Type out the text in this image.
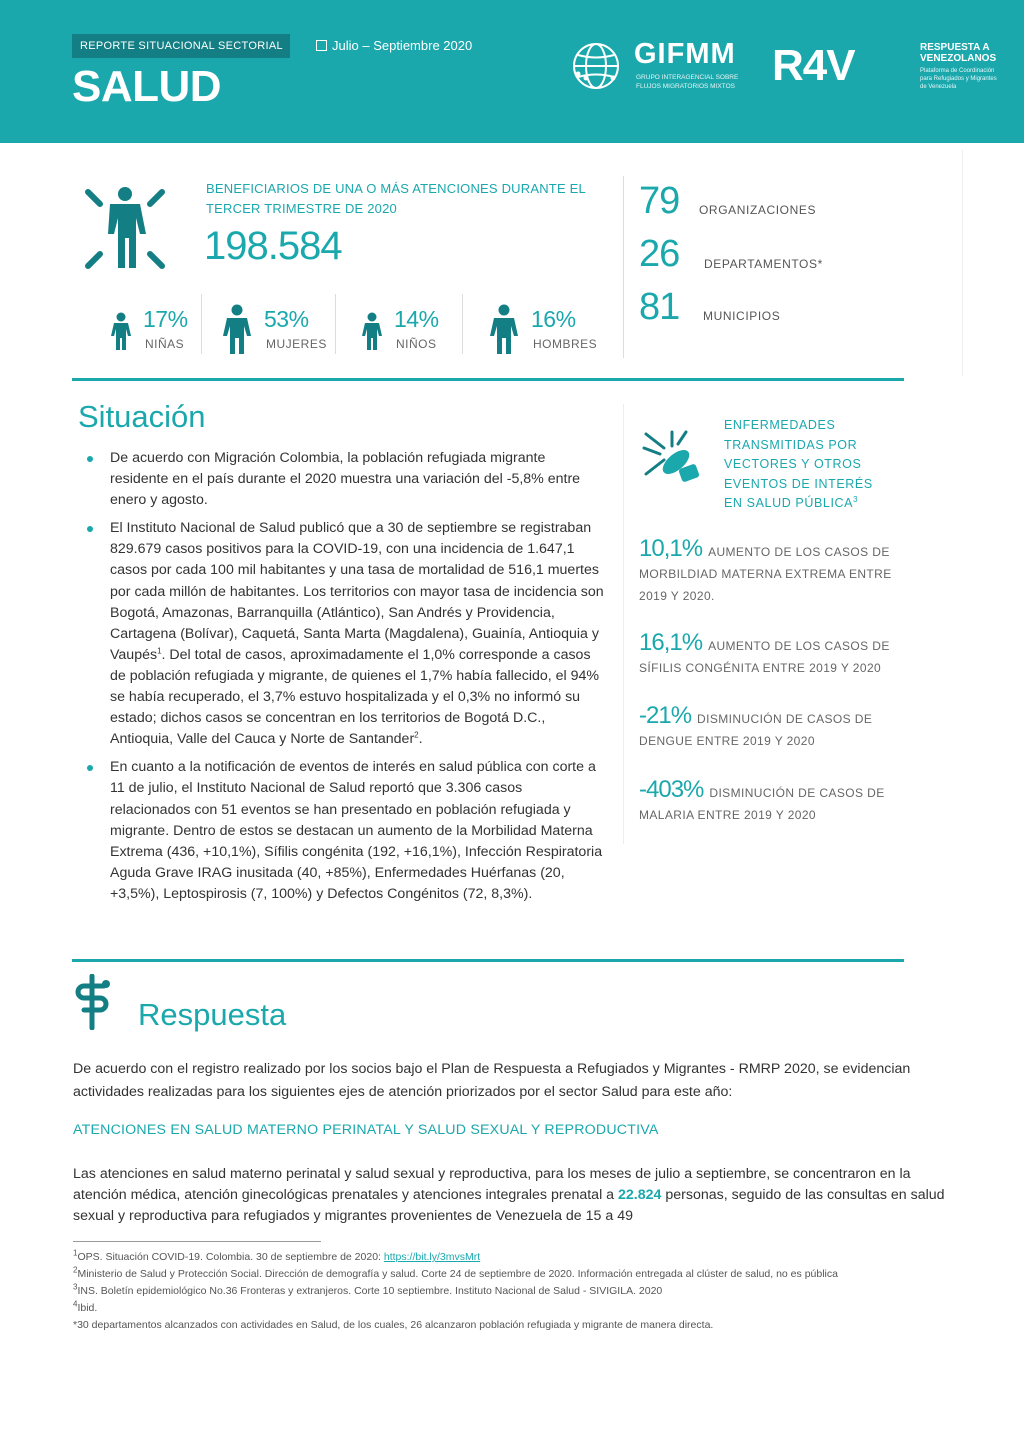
REPORTE SITUACIONAL SECTORIAL	Julio – Septiembre 2020
SALUD
GIFMM
GRUPO INTERAGENCIAL SOBRE FLUJOS MIGRATORIOS MIXTOS R4V	RESPUESTA A VENEZOLANOS
Plataforma de Coordinación para Refugiados y Migrantes de Venezuela
BENEFICIARIOS DE UNA O MÁS ATENCIONES DURANTE EL TERCER TRIMESTRE DE 2020
198.584
17%
NIÑAS
53%
MUJERES
14%
NIÑOS
16%
HOMBRES
79 ORGANIZACIONES
26 DEPARTAMENTOS*
81 MUNICIPIOS
Situación
De acuerdo con Migración Colombia, la población refugiada migrante residente en el país durante el 2020 muestra una variación del -5,8% entre enero y agosto.
El Instituto Nacional de Salud publicó que a 30 de septiembre se registraban 829.679 casos positivos para la COVID-19, con una incidencia de 1.647,1 casos por cada 100 mil habitantes y una tasa de mortalidad de 516,1 muertes por cada millón de habitantes. Los territorios con mayor tasa de incidencia son Bogotá, Amazonas, Barranquilla (Atlántico), San Andrés y Providencia, Cartagena (Bolívar), Caquetá, Santa Marta (Magdalena), Guainía, Antioquia y Vaupés$^1$. Del total de casos, aproximadamente el 1,0% corresponde a casos de población refugiada y migrante, de quienes el 1,7% había fallecido, el 94% se había recuperado, el 3,7% estuvo hospitalizada y el 0,3% no informó su estado; dichos casos se concentran en los territorios de Bogotá D.C., Antioquia, Valle del Cauca y Norte de Santander$^2$.
En cuanto a la notificación de eventos de interés en salud pública con corte a 11 de julio, el Instituto Nacional de Salud reportó que 3.306 casos relacionados con 51 eventos se han presentado en población refugiada y migrante. Dentro de estos se destacan un aumento de la Morbilidad Materna Extrema (436, +10,1%), Sífilis congénita (192, +16,1%), Infección Respiratoria Aguda Grave IRAG inusitada (40, +85%), Enfermedades Huérfanas (20, +3,5%), Leptospirosis (7, 100%) y Defectos Congénitos (72, 8,3%).
ENFERMEDADES TRANSMITIDAS POR VECTORES Y OTROS EVENTOS DE INTERÉS EN SALUD PÚBLICA$^3$
10,1% AUMENTO DE LOS CASOS DE MORBILDIAD MATERNA EXTREMA ENTRE 2019 Y 2020.
16,1% AUMENTO DE LOS CASOS DE SÍFILIS CONGÉNITA ENTRE 2019 Y 2020
-21% DISMINUCIÓN DE CASOS DE DENGUE ENTRE 2019 Y 2020
-403% DISMINUCIÓN DE CASOS DE MALARIA ENTRE 2019 Y 2020
Respuesta
De acuerdo con el registro realizado por los socios bajo el Plan de Respuesta a Refugiados y Migrantes - RMRP 2020, se evidencian actividades realizadas para los siguientes ejes de atención priorizados por el sector Salud para este año:
ATENCIONES EN SALUD MATERNO PERINATAL Y SALUD SEXUAL Y REPRODUCTIVA
Las atenciones en salud materno perinatal y salud sexual y reproductiva, para los meses de julio a septiembre, se concentraron en la atención médica, atención ginecológicas prenatales y atenciones integrales prenatal a 22.824 personas, seguido de las consultas en salud sexual y reproductiva para refugiados y migrantes provenientes de Venezuela de 15 a 49
$^1$OPS. Situación COVID-19. Colombia. 30 de septiembre de 2020: https://bit.ly/3mvsMrt
$^2$Ministerio de Salud y Protección Social. Dirección de demografía y salud. Corte 24 de septiembre de 2020. Información entregada al clúster de salud, no es pública
$^3$INS. Boletín epidemiológico No.36 Fronteras y extranjeros. Corte 10 septiembre. Instituto Nacional de Salud - SIVIGILA. 2020
$^4$Ibid.
*30 departamentos alcanzados con actividades en Salud, de los cuales, 26 alcanzaron población refugiada y migrante de manera directa.
